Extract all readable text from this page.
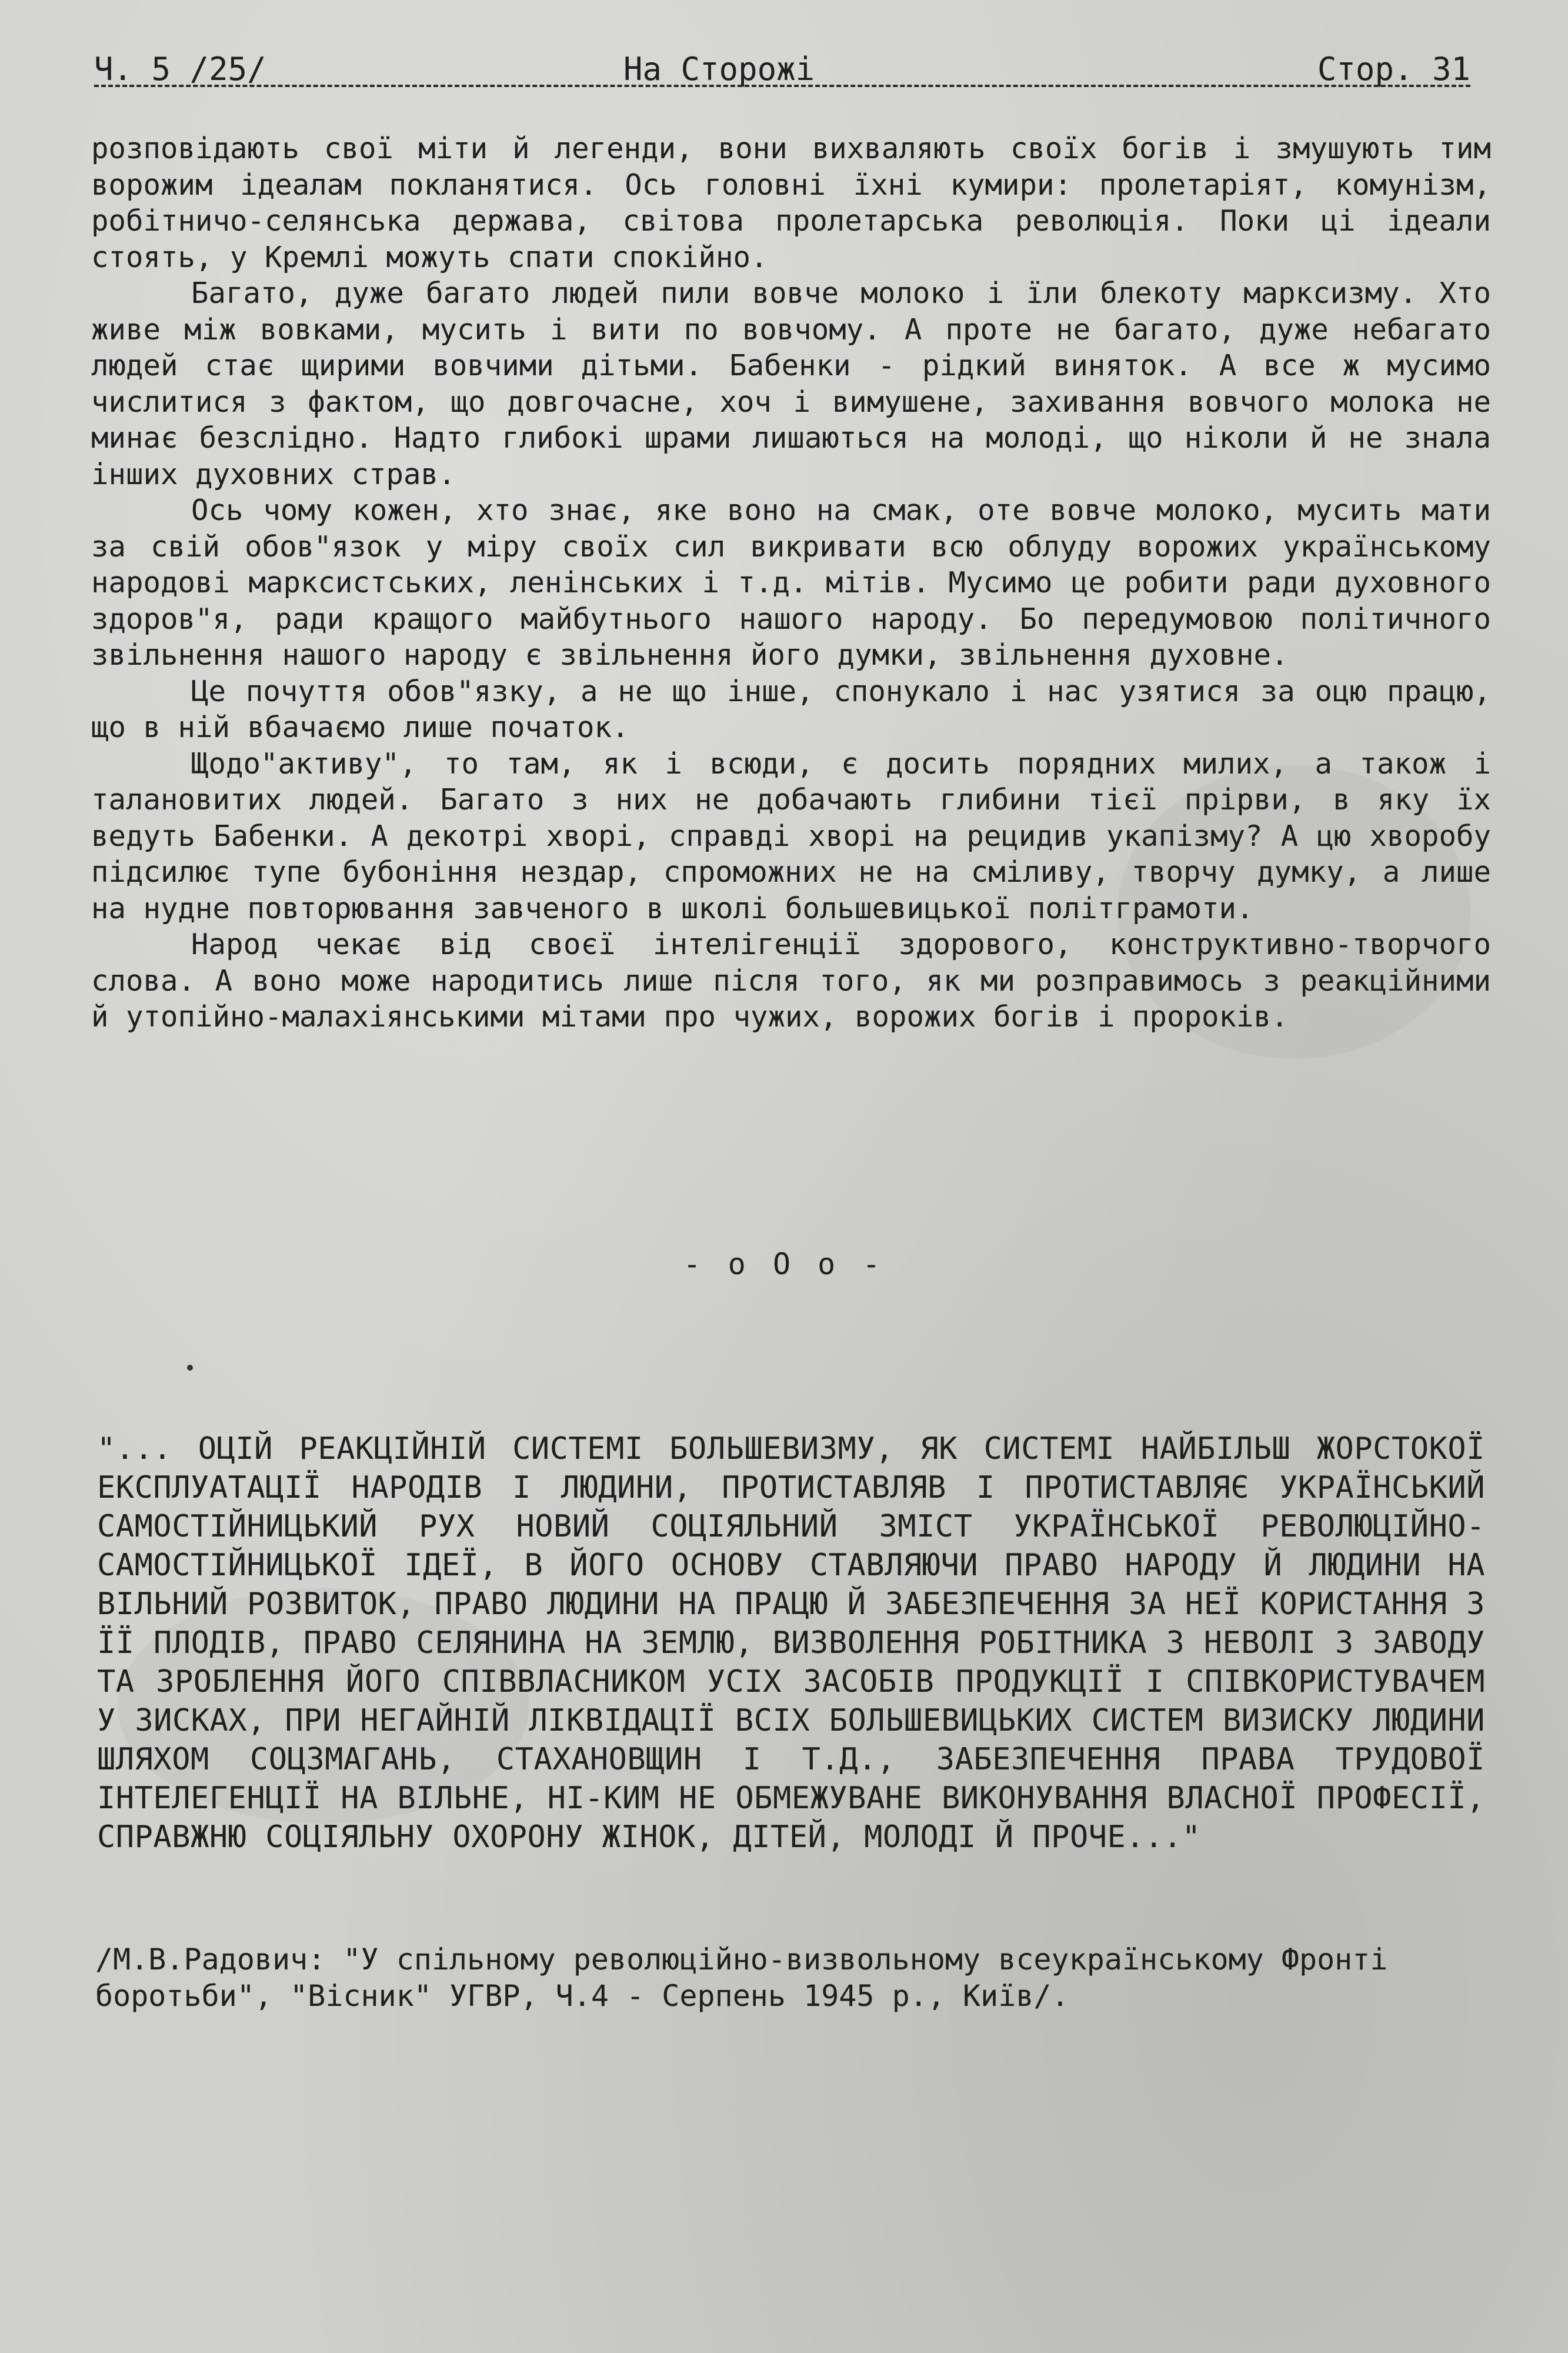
Ч. 5 /25/	На Сторожі	Стор. 31

розповідають свої міти й легенди, вони вихваляють своїх богів і змушують тим ворожим ідеалам покланятися. Ось головні їхні кумири: пролетаріят, комунізм, робітничо-селянська держава, світова пролетарська революція. Поки ці ідеали стоять, у Кремлі можуть спати спокійно.

Багато, дуже багато людей пили вовче молоко і їли блекоту марксизму. Хто живе між вовками, мусить і вити по вовчому. А проте не багато, дуже небагато людей стає щирими вовчими дітьми. Бабенки - рідкий виняток. А все ж мусимо числитися з фактом, що довгочасне, хоч і вимушене, захивання вовчого молока не минає безслідно. Надто глибокі шрами лишаються на молоді, що ніколи й не знала інших духовних страв.

Ось чому кожен, хто знає, яке воно на смак, оте вовче молоко, мусить мати за свій обов"язок у міру своїх сил викривати всю облуду ворожих українському народові марксистських, ленінських і т.д. мітів. Мусимо це робити ради духовного здоров"я, ради кращого майбутнього нашого народу. Бо передумовою політичного звільнення нашого народу є звільнення його думки, звільнення духовне.

Це почуття обов"язку, а не що інше, спонукало і нас узятися за оцю працю, що в ній вбачаємо лише початок.

Щодо"активу", то там, як і всюди, є досить порядних милих, а також і талановитих людей. Багато з них не добачають глибини тієї прірви, в яку їх ведуть Бабенки. А декотрі хворі, справді хворі на рецидив укапізму? А цю хворобу підсилює тупе бубоніння нездар, спроможних не на сміливу, творчу думку, а лише на нудне повторювання завченого в школі большевицької політграмоти.

Народ чекає від своєї інтелігенції здорового, конструктивно-творчого слова. А воно може народитись лише після того, як ми розправимось з реакційними й утопійно-малахіянськими мітами про чужих, ворожих богів і пророків.

- o O o -
"... ОЦІЙ РЕАКЦІЙНІЙ СИСТЕМІ БОЛЬШЕВИЗМУ, ЯК СИСТЕМІ НАЙБІЛЬШ ЖОРСТОКОЇ ЕКСПЛУАТАЦІЇ НАРОДІВ І ЛЮДИНИ, ПРОТИСТАВЛЯВ І ПРОТИСТАВЛЯЄ УКРАЇНСЬКИЙ САМОСТІЙНИЦЬКИЙ РУХ НОВИЙ СОЦІЯЛЬНИЙ ЗМІСТ УКРАЇНСЬКОЇ РЕВОЛЮЦІЙНО-САМОСТІЙНИЦЬКОЇ ІДЕЇ, В ЙОГО ОСНОВУ СТАВЛЯЮЧИ ПРАВО НАРОДУ Й ЛЮДИНИ НА ВІЛЬНИЙ РОЗВИТОК, ПРАВО ЛЮДИНИ НА ПРАЦЮ Й ЗАБЕЗПЕЧЕННЯ ЗА НЕЇ КОРИСТАННЯ З ЇЇ ПЛОДІВ, ПРАВО СЕЛЯНИНА НА ЗЕМЛЮ, ВИЗВОЛЕННЯ РОБІТНИКА З НЕВОЛІ З ЗАВОДУ ТА ЗРОБЛЕННЯ ЙОГО СПІВВЛАСНИКОМ УСІХ ЗАСОБІВ ПРОДУКЦІЇ І СПІВКОРИСТУВАЧЕМ У ЗИСКАХ, ПРИ НЕГАЙНІЙ ЛІКВІДАЦІЇ ВСІХ БОЛЬШЕВИЦЬКИХ СИСТЕМ ВИЗИСКУ ЛЮДИНИ ШЛЯХОМ СОЦЗМАГАНЬ, СТАХАНОВЩИН І Т.Д., ЗАБЕЗПЕЧЕННЯ ПРАВА ТРУДОВОЇ ІНТЕЛЕГЕНЦІЇ НА ВІЛЬНЕ, НІ-КИМ НЕ ОБМЕЖУВАНЕ ВИКОНУВАННЯ ВЛАСНОЇ ПРОФЕСІЇ, СПРАВЖНЮ СОЦІЯЛЬНУ ОХОРОНУ ЖІНОК, ДІТЕЙ, МОЛОДІ Й ПРОЧЕ..."
/М.В.Радович: "У спільному революційно-визвольному всеукраїнському Фронті боротьби", "Вісник" УГВР, Ч.4 - Серпень 1945 р., Київ/.
